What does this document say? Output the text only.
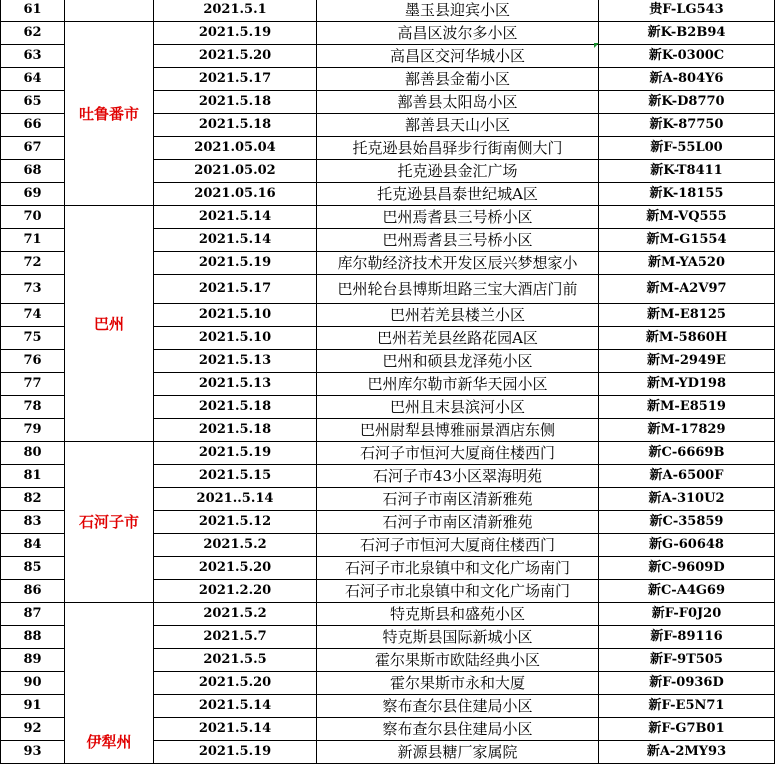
61		2021.5.1	墨玉县迎宾小区	贵F-LG543
62	吐鲁番市	2021.5.19	高昌区波尔多小区	新K-B2B94
63		2021.5.20	高昌区交河华城小区	新K-0300C
64		2021.5.17	鄯善县金葡小区	新A-804Y6
65		2021.5.18	鄯善县太阳岛小区	新K-D8770
66		2021.5.18	鄯善县天山小区	新K-87750
67		2021.05.04	托克逊县始昌驿步行街南侧大门	新F-55L00
68		2021.05.02	托克逊县金汇广场	新K-T8411
69		2021.05.16	托克逊县昌泰世纪城A区	新K-18155
70	巴州	2021.5.14	巴州焉耆县三号桥小区	新M-VQ555
71		2021.5.14	巴州焉耆县三号桥小区	新M-G1554
72		2021.5.19	库尔勒经济技术开发区辰兴梦想家小	新M-YA520
73		2021.5.17	巴州轮台县博斯坦路三宝大酒店门前	新M-A2V97
74		2021.5.10	巴州若羌县楼兰小区	新M-E8125
75		2021.5.10	巴州若羌县丝路花园A区	新M-5860H
76		2021.5.13	巴州和硕县龙泽苑小区	新M-2949E
77		2021.5.13	巴州库尔勒市新华天园小区	新M-YD198
78		2021.5.18	巴州且末县滨河小区	新M-E8519
79		2021.5.18	巴州尉犁县博雅丽景酒店东侧	新M-17829
80	石河子市	2021.5.19	石河子市恒河大厦商住楼西门	新C-6669B
81		2021.5.15	石河子市43小区翠海明苑	新A-6500F
82		2021..5.14	石河子市南区清新雅苑	新A-310U2
83		2021.5.12	石河子市南区清新雅苑	新C-35859
84		2021.5.2	石河子市恒河大厦商住楼西门	新G-60648
85		2021.5.20	石河子市北泉镇中和文化广场南门	新C-9609D
86		2021.2.20	石河子市北泉镇中和文化广场南门	新C-A4G69
87	伊犁州	2021.5.2	特克斯县和盛苑小区	新F-F0J20
88		2021.5.7	特克斯县国际新城小区	新F-89116
89		2021.5.5	霍尔果斯市欧陆经典小区	新F-9T505
90		2021.5.20	霍尔果斯市永和大厦	新F-0936D
91		2021.5.14	察布查尔县住建局小区	新F-E5N71
92		2021.5.14	察布查尔县住建局小区	新F-G7B01
93		2021.5.19	新源县糖厂家属院	新A-2MY93
